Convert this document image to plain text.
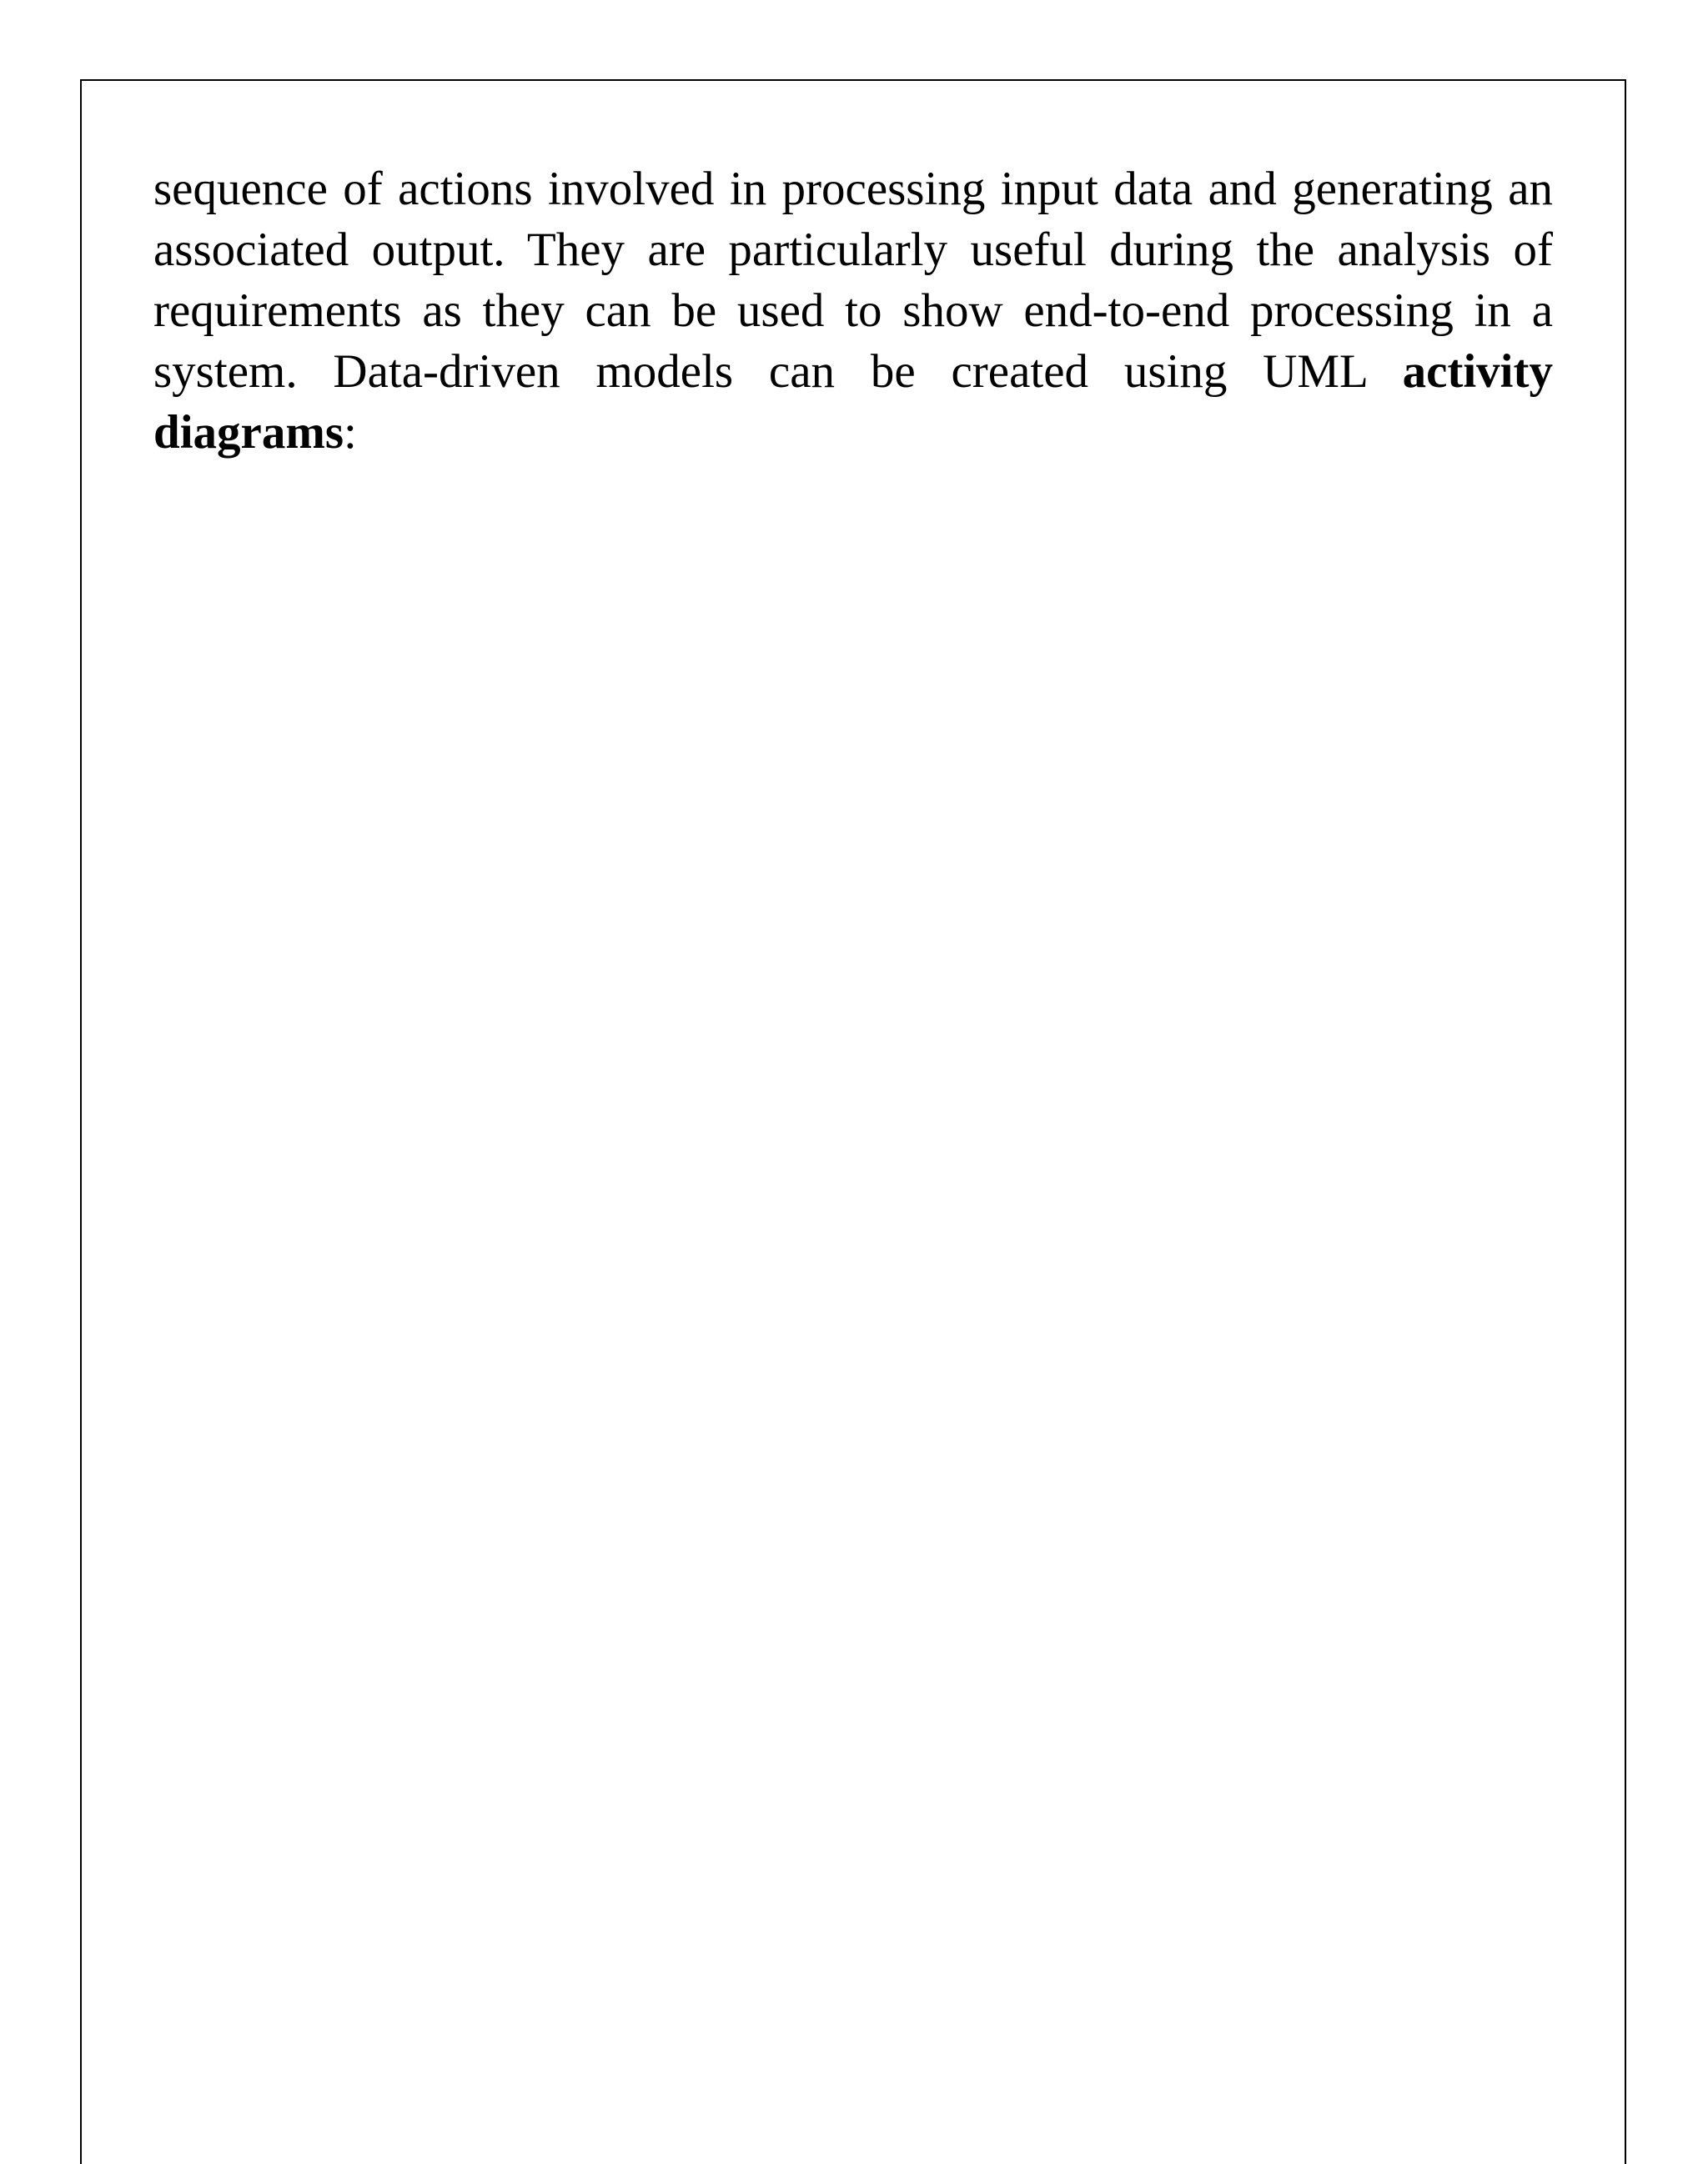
sequence of actions involved in processing input data and generating an
associated output. They are particularly useful during the analysis of
requirements as they can be used to show end-to-end processing in a
system. Data-driven models can be created using UML activity
diagrams:
